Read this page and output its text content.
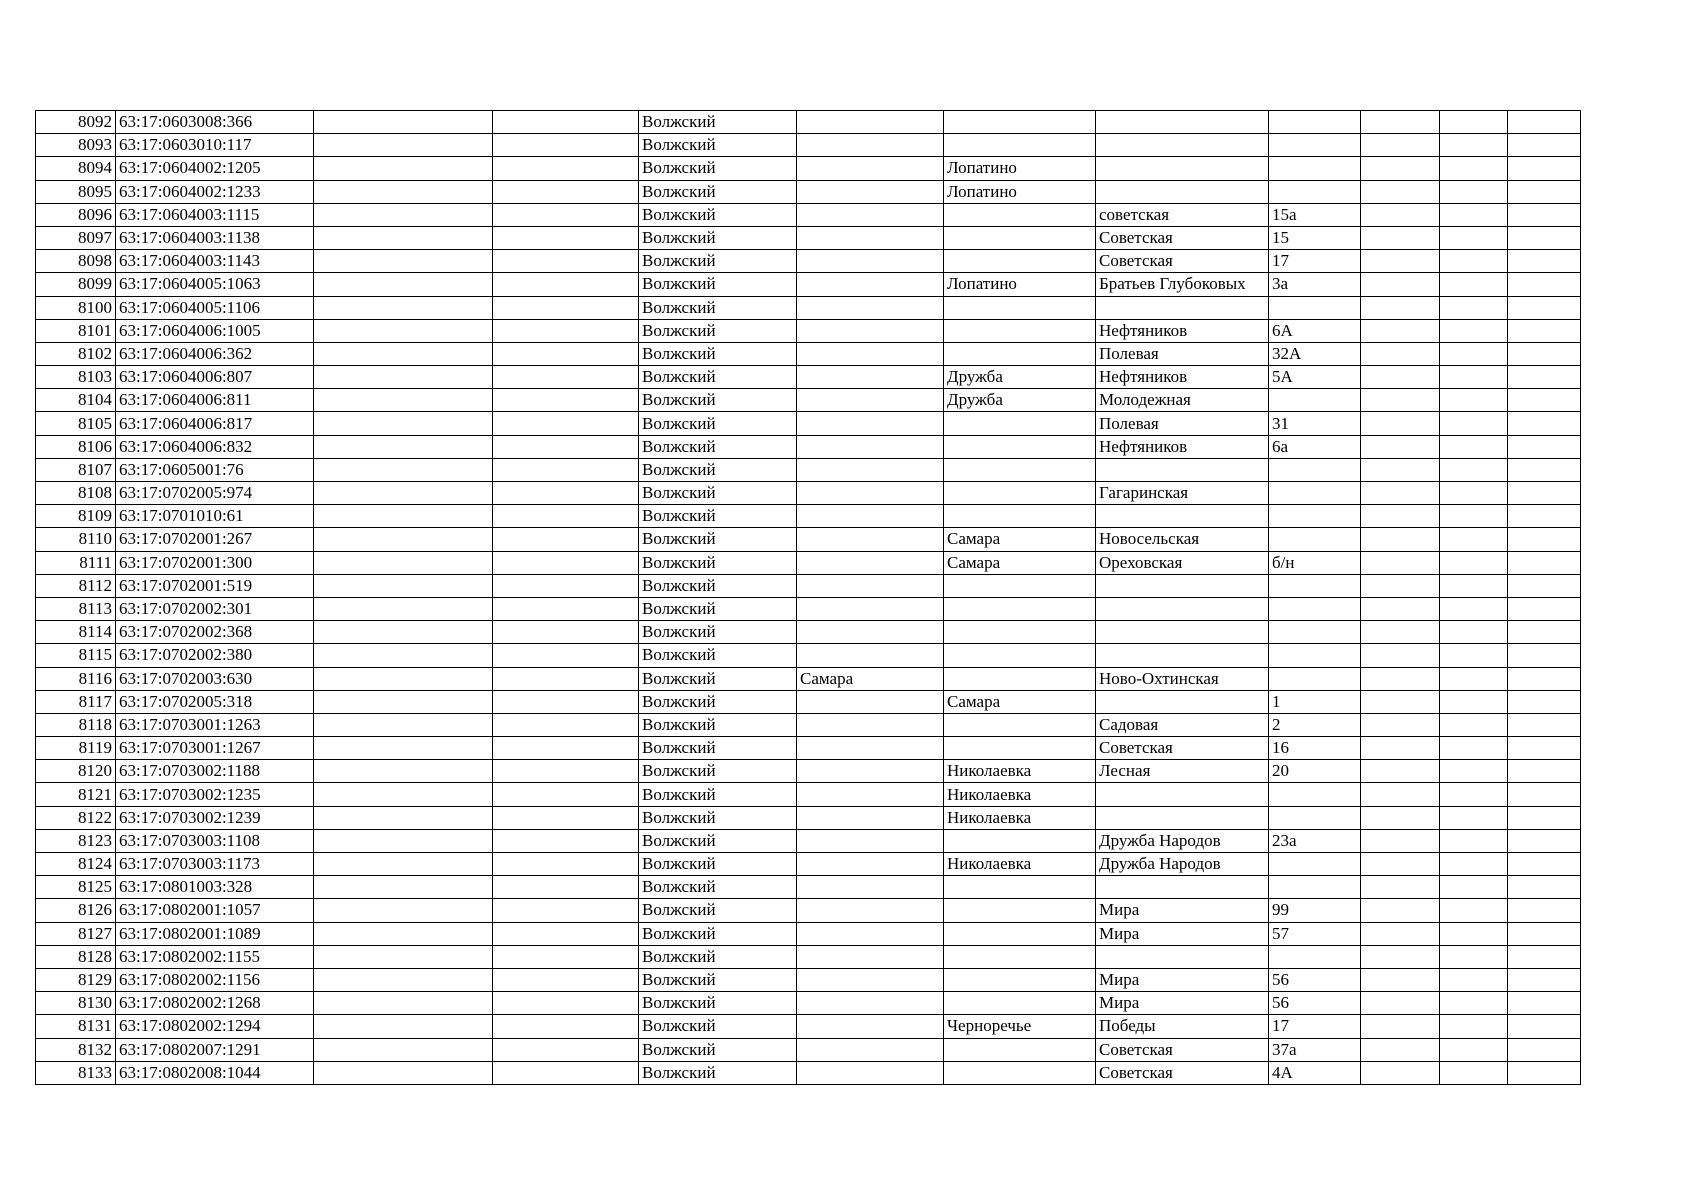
8092	63:17:0603008:366			Волжский							
8093	63:17:0603010:117			Волжский							
8094	63:17:0604002:1205			Волжский		Лопатино					
8095	63:17:0604002:1233			Волжский		Лопатино					
8096	63:17:0604003:1115			Волжский			советская	15а			
8097	63:17:0604003:1138			Волжский			Советская	15			
8098	63:17:0604003:1143			Волжский			Советская	17			
8099	63:17:0604005:1063			Волжский		Лопатино	Братьев Глубоковых	3а			
8100	63:17:0604005:1106			Волжский							
8101	63:17:0604006:1005			Волжский			Нефтяников	6А			
8102	63:17:0604006:362			Волжский			Полевая	32А			
8103	63:17:0604006:807			Волжский		Дружба	Нефтяников	5А			
8104	63:17:0604006:811			Волжский		Дружба	Молодежная				
8105	63:17:0604006:817			Волжский			Полевая	31			
8106	63:17:0604006:832			Волжский			Нефтяников	6а			
8107	63:17:0605001:76			Волжский							
8108	63:17:0702005:974			Волжский			Гагаринская				
8109	63:17:0701010:61			Волжский							
8110	63:17:0702001:267			Волжский		Самара	Новосельская				
8111	63:17:0702001:300			Волжский		Самара	Ореховская	б/н			
8112	63:17:0702001:519			Волжский							
8113	63:17:0702002:301			Волжский							
8114	63:17:0702002:368			Волжский							
8115	63:17:0702002:380			Волжский							
8116	63:17:0702003:630			Волжский	Самара		Ново-Охтинская				
8117	63:17:0702005:318			Волжский		Самара		1			
8118	63:17:0703001:1263			Волжский			Садовая	2			
8119	63:17:0703001:1267			Волжский			Советская	16			
8120	63:17:0703002:1188			Волжский		Николаевка	Лесная	20			
8121	63:17:0703002:1235			Волжский		Николаевка					
8122	63:17:0703002:1239			Волжский		Николаевка					
8123	63:17:0703003:1108			Волжский			Дружба Народов	23а			
8124	63:17:0703003:1173			Волжский		Николаевка	Дружба Народов				
8125	63:17:0801003:328			Волжский							
8126	63:17:0802001:1057			Волжский			Мира	99			
8127	63:17:0802001:1089			Волжский			Мира	57			
8128	63:17:0802002:1155			Волжский							
8129	63:17:0802002:1156			Волжский			Мира	56			
8130	63:17:0802002:1268			Волжский			Мира	56			
8131	63:17:0802002:1294			Волжский		Черноречье	Победы	17			
8132	63:17:0802007:1291			Волжский			Советская	37а			
8133	63:17:0802008:1044			Волжский			Советская	4А			
